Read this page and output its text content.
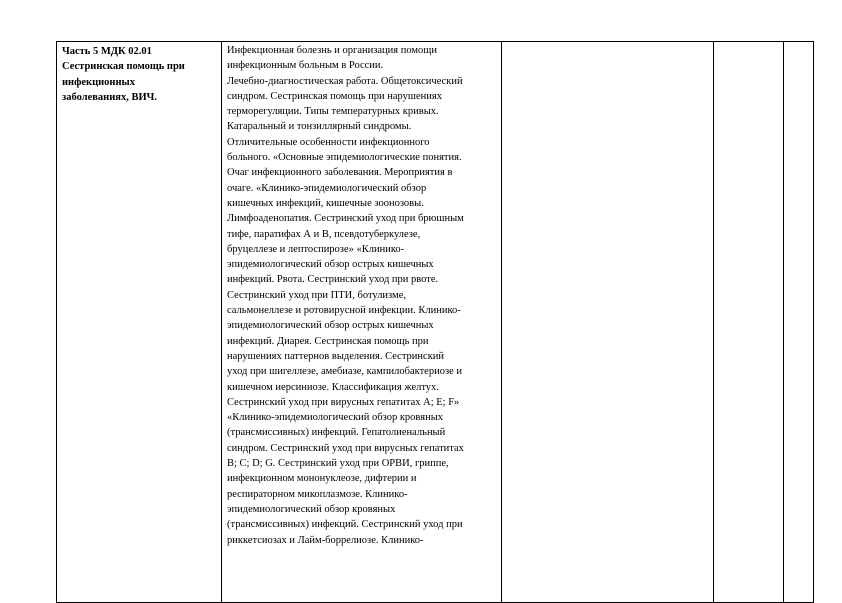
Часть 5 МДК 02.01
Сестринская помощь при
инфекционных
заболеваниях, ВИЧ.

Инфекционная болезнь и организация помощи
инфекционным больным в России.
Лечебно-диагностическая работа. Общетоксический
синдром. Сестринская помощь при нарушениях
терморегуляции. Типы температурных кривых.
Катаральный и тонзиллярный синдромы.
Отличительные особенности инфекционного
больного. «Основные эпидемиологические понятия.
Очаг инфекционного заболевания. Мероприятия в
очаге. «Клинико-эпидемиологический обзор
кишечных инфекций, кишечные зоонозовы.
Лимфоаденопатия. Сестринский уход при брюшным
тифе, паратифах А и В, псевдотуберкулезе,
бруцеллезе и лептоспирозе» «Клинико-
эпидемиологический обзор острых кишечных
инфекций. Рвота. Сестринский уход при рвоте.
Сестринский уход при ПТИ, ботулизме,
сальмонеллезе и ротовирусной инфекции. Клинико-
эпидемиологический обзор острых кишечных
инфекций. Диарея. Сестринская помощь при
нарушениях паттернов выделения. Сестринский
уход при шигеллезе, амебиазе, кампилобактериозе и
кишечном иерсиниозе. Классификация желтух.
Сестринский уход при вирусных гепатитах А; Е; F»
«Клинико-эпидемиологический обзор кровяных
(трансмиссивных) инфекций. Гепатолиенальный
синдром. Сестринский уход при вирусных гепатитах
В; С; D; G. Сестринский уход при ОРВИ, гриппе,
инфекционном мононуклеозе, дифтерии и
респираторном микоплазмозе. Клинико-
эпидемиологический обзор кровяных
(трансмиссивных) инфекций. Сестринский уход при
риккетсиозах и Лайм-боррелиозе. Клинико-
